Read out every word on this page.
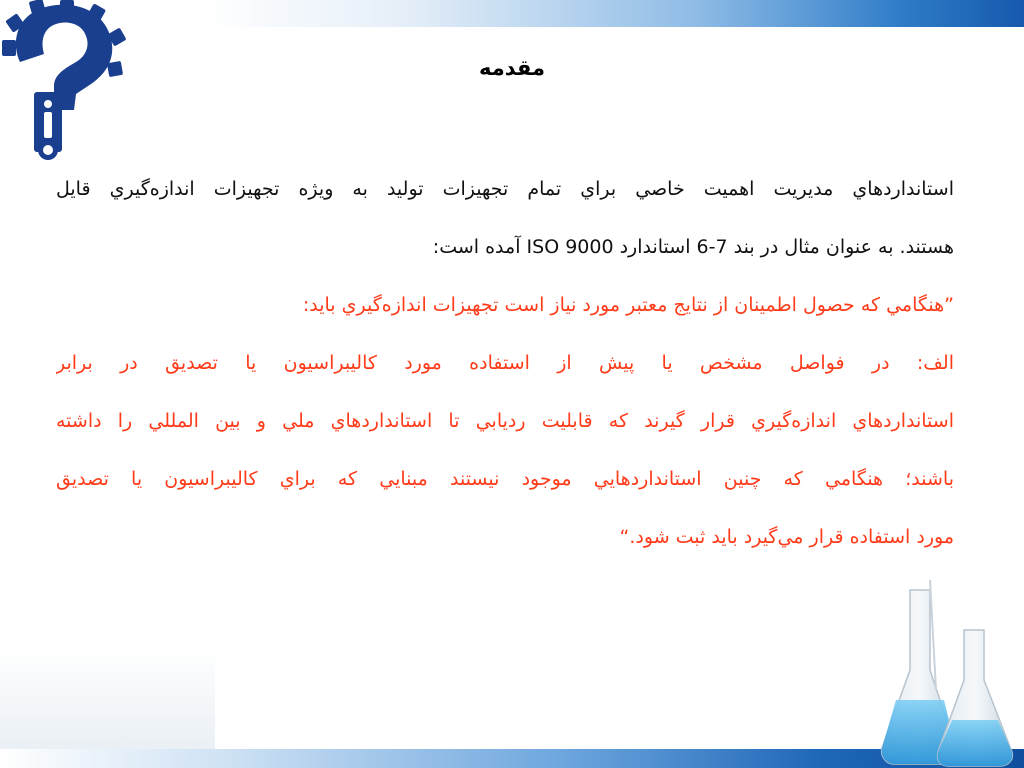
مقدمه

استانداردهاي مديريت اهميت خاصي براي تمام تجهيزات توليد به ويژه تجهيزات اندازه‌گيري قايل

هستند. به عنوان مثال در بند 7-6 استاندارد ISO 9000 آمده است:

”هنگامي كه حصول اطمينان از نتايج معتبر مورد نياز است تجهيزات اندازه‌گيري بايد:

الف: در فواصل مشخص يا پيش از استفاده مورد كاليبراسيون يا تصديق در برابر

استانداردهاي اندازه‌گيري قرار گيرند كه قابليت ردیابي تا استانداردهاي ملي و بين المللي را داشته

باشند؛ هنگامي كه چنين استانداردهايي موجود نيستند مبنايي كه براي كاليبراسيون يا تصديق

مورد استفاده قرار مي‌گيرد بايد ثبت شود.“
